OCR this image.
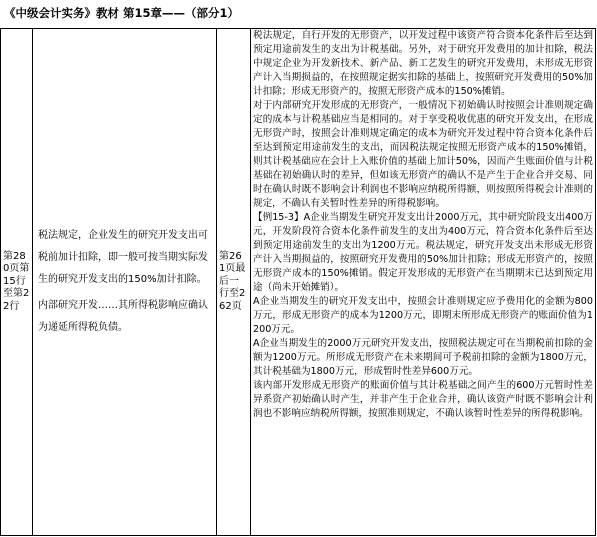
《中级会计实务》教材 第15章——（部分1）
第280页第15行至第22行
税法规定，企业发生的研究开发支出可税前加计扣除，即一般可按当期实际发生的研究开发支出的150%加计扣除。
内部研究开发……其所得税影响应确认为递延所得税负债。
第261页最后一行至262页

税法规定，自行开发的无形资产，以开发过程中该资产符合资本化条件后至达到预定用途前发生的支出为计税基础。另外，对于研究开发费用的加计扣除，税法中规定企业为开发新技术、新产品、新工艺发生的研究开发费用，未形成无形资产计入当期损益的，在按照规定据实扣除的基础上，按照研究开发费用的50%加计扣除；形成无形资产的，按照无形资产成本的150%摊销。

对于内部研究开发形成的无形资产，一般情况下初始确认时按照会计准则规定确定的成本与计税基础应当是相同的。对于享受税收优惠的研究开发支出，在形成无形资产时，按照会计准则规定确定的成本为研究开发过程中符合资本化条件后至达到预定用途前发生的支出，而因税法规定按照无形资产成本的150%摊销，则其计税基础应在会计上入账价值的基础上加计50%，因而产生账面价值与计税基础在初始确认时的差异，但如该无形资产的确认不是产生于企业合并交易、同时在确认时既不影响会计利润也不影响应纳税所得额，则按照所得税会计准则的规定，不确认有关暂时性差异的所得税影响。

【例15-3】A企业当期发生研究开发支出计2000万元，其中研究阶段支出400万元，开发阶段符合资本化条件前发生的支出为400万元，符合资本化条件后至达到预定用途前发生的支出为1200万元。税法规定，研究开发支出未形成无形资产计入当期损益的，按照研究开发费用的50%加计扣除；形成无形资产的，按照无形资产成本的150%摊销。假定开发形成的无形资产在当期期末已达到预定用途（尚未开始摊销）。

A企业当期发生的研究开发支出中，按照会计准则规定应予费用化的金额为800万元，形成无形资产的成本为1200万元，即期末所形成无形资产的账面价值为1200万元。

A企业当期发生的2000万元研究开发支出，按照税法规定可在当期税前扣除的金额为1200万元。所形成无形资产在未来期间可予税前扣除的金额为1800万元，其计税基础为1800万元，形成暂时性差异600万元。

该内部开发形成无形资产的账面价值与其计税基础之间产生的600万元暂时性差异系资产初始确认时产生，并非产生于企业合并，确认该资产时既不影响会计利润也不影响应纳税所得额，按照准则规定，不确认该暂时性差异的所得税影响。
